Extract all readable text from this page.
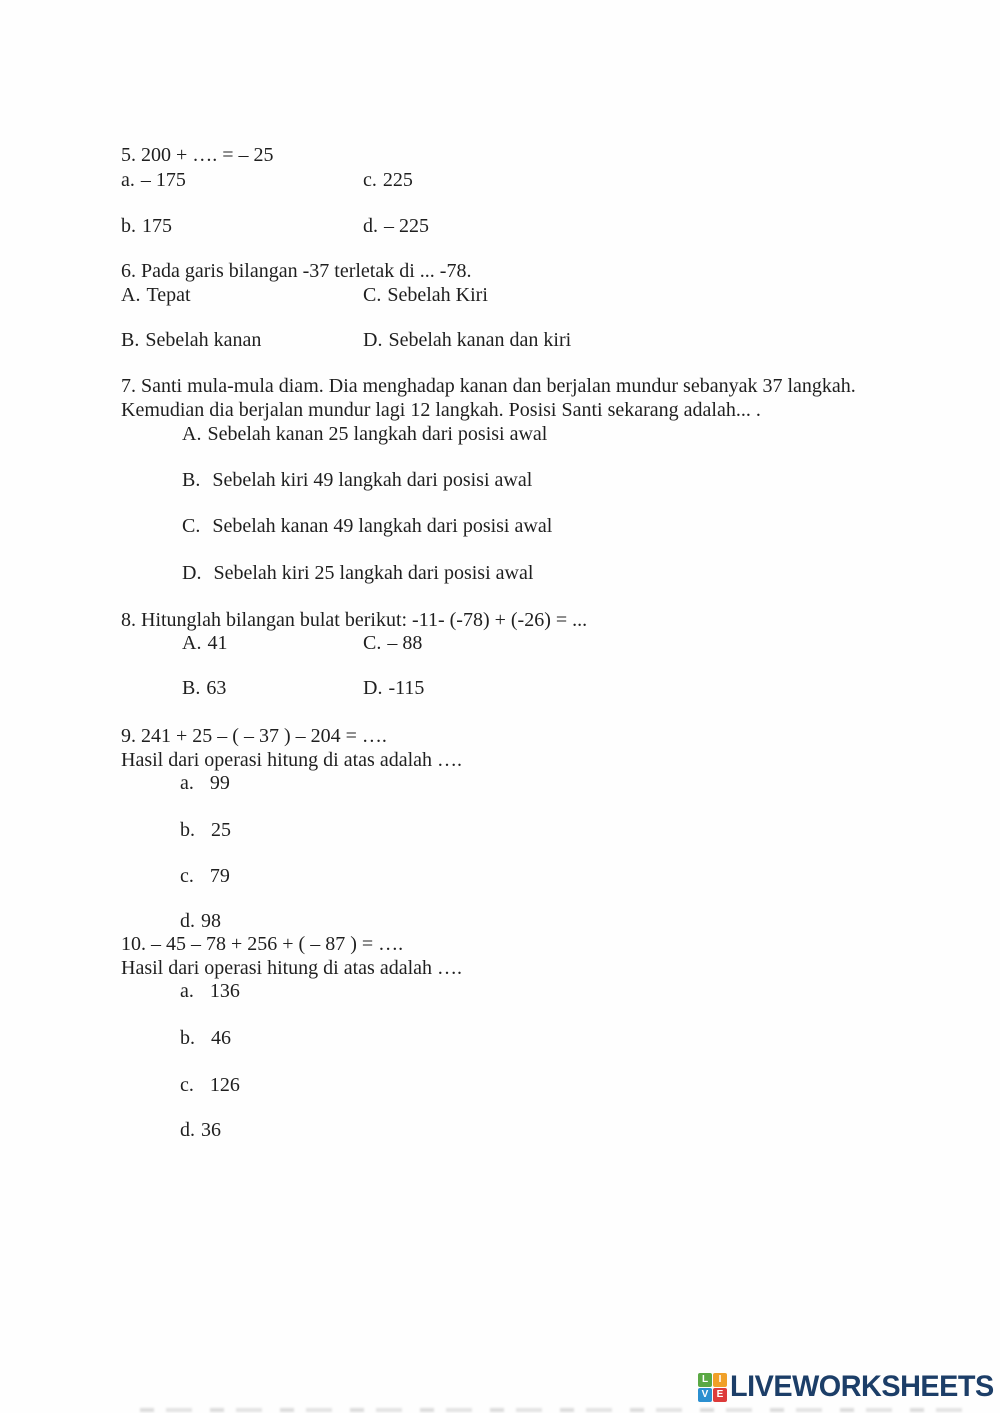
5. 200 + …. = – 25
a. – 175	c. 225
b. 175	d. – 225
6. Pada garis bilangan -37 terletak di ... -78.
A. Tepat	C. Sebelah Kiri
B. Sebelah kanan	D. Sebelah kanan dan kiri
7. Santi mula-mula diam. Dia menghadap kanan dan berjalan mundur sebanyak 37 langkah.
Kemudian dia berjalan mundur lagi 12 langkah. Posisi Santi sekarang adalah... .
A. Sebelah kanan 25 langkah dari posisi awal
B. Sebelah kiri 49 langkah dari posisi awal
C. Sebelah kanan 49 langkah dari posisi awal
D. Sebelah kiri 25 langkah dari posisi awal
8. Hitunglah bilangan bulat berikut: -11- (-78) + (-26) = ...
A. 41	C. – 88
B. 63	D. -115
9. 241 + 25 – ( – 37 ) – 204 = ….
Hasil dari operasi hitung di atas adalah ….
a. 99
b. 25
c. 79
d. 98
10. – 45 – 78 + 256 + ( – 87 ) = ….
Hasil dari operasi hitung di atas adalah ….
a. 136
b. 46
c. 126
d. 36
L	I
V E LIVEWORKSHEETS
